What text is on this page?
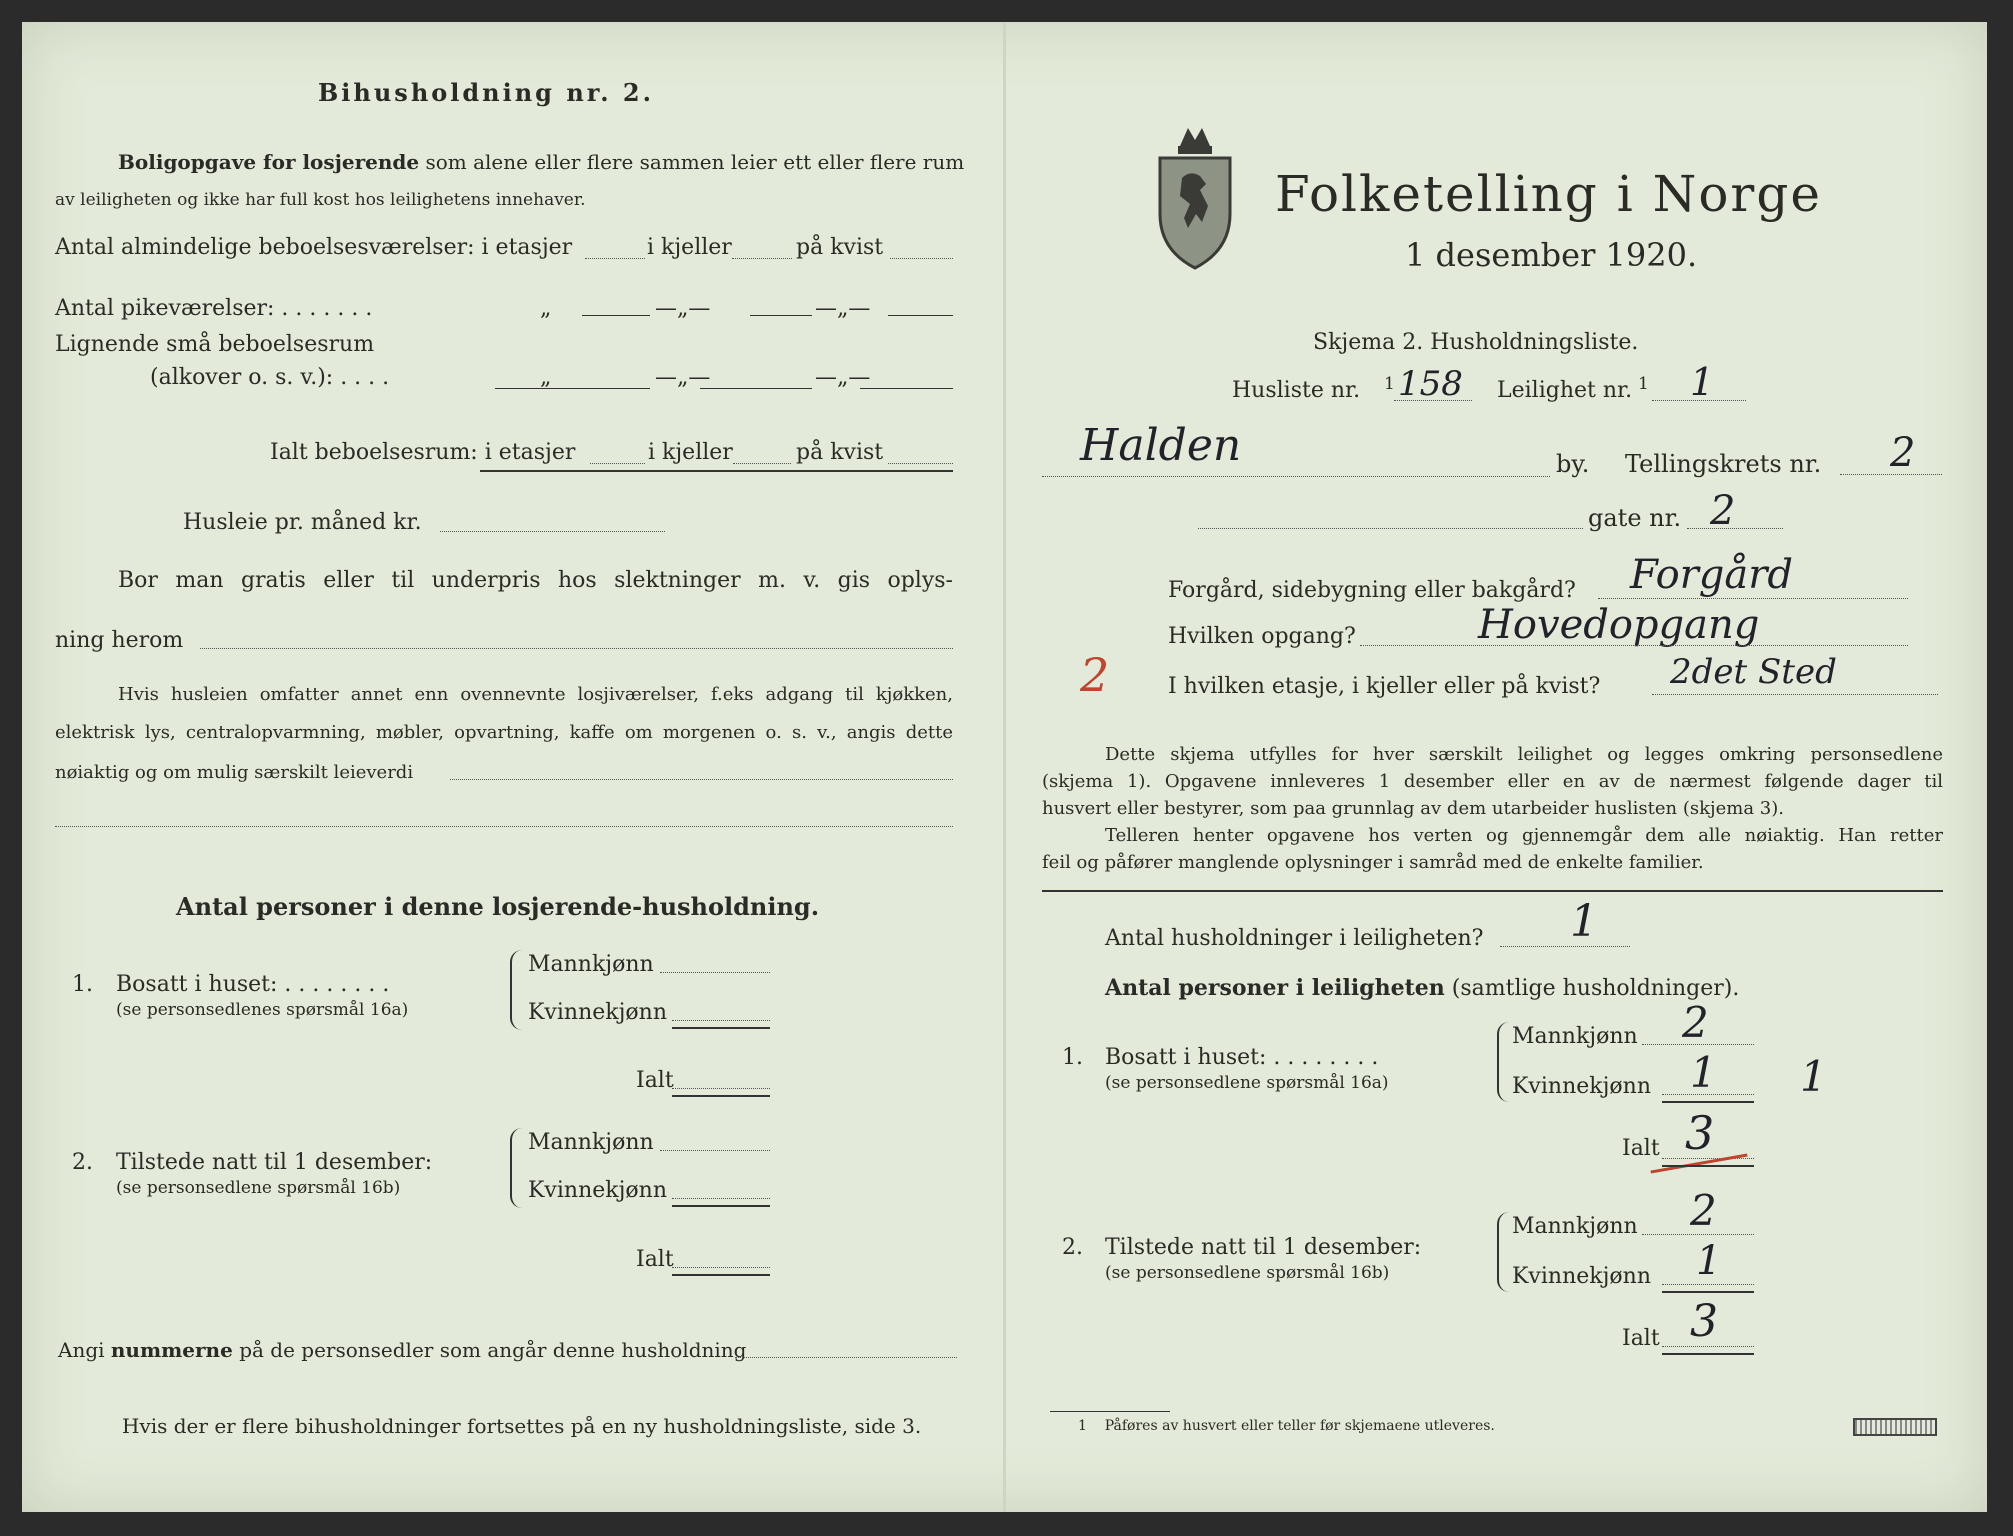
Bihusholdning nr. 2.
Boligopgave for losjerende som alene eller flere sammen leier ett eller flere rum
av leiligheten og ikke har full kost hos leilighetens innehaver.
Antal almindelige beboelsesværelser: i etasjer	i kjeller	på kvist
Antal pikeværelser: . . . . . . .	„	—„—	—„—
Lignende små beboelsesrum
(alkover o. s. v.): . . . .	„	—„—	—„—
Ialt beboelsesrum: i etasjer	i kjeller	på kvist
Husleie pr. måned kr.
Bor man gratis eller til underpris hos slektninger m. v. gis oplys-
ning herom
Hvis husleien omfatter annet enn ovennevnte losjiværelser, f.eks adgang til kjøkken,
elektrisk lys, centralopvarmning, møbler, opvartning, kaffe om morgenen o. s. v., angis dette
nøiaktig og om mulig særskilt leieverdi
Antal personer i denne losjerende-husholdning.
1. Bosatt i huset: . . . . . . . .
(se personsedlenes spørsmål 16a)
Mannkjønn
Kvinnekjønn
Ialt
2. Tilstede natt til 1 desember:
(se personsedlene spørsmål 16b)
Mannkjønn
Kvinnekjønn
Ialt
Angi nummerne på de personsedler som angår denne husholdning
Hvis der er flere bihusholdninger fortsettes på en ny husholdningsliste, side 3.
Folketelling i Norge
1 desember 1920.
Skjema 2. Husholdningsliste.
Husliste nr. 1 158 Leilighet nr. 1 1
Halden	by. Tellingskrets nr. 2
gate nr. 2
Forgård, sidebygning eller bakgård? Forgård
Hvilken opgang?	Hovedopgang
2	I hvilken etasje, i kjeller eller på kvist? 2det Sted
Dette skjema utfylles for hver særskilt leilighet og legges omkring personsedlene
(skjema 1). Opgavene innleveres 1 desember eller en av de nærmest følgende dager til
husvert eller bestyrer, som paa grunnlag av dem utarbeider huslisten (skjema 3).
Telleren henter opgavene hos verten og gjennemgår dem alle nøiaktig. Han retter
feil og påfører manglende oplysninger i samråd med de enkelte familier.
Antal husholdninger i leiligheten? 1
Antal personer i leiligheten (samtlige husholdninger).
1. Bosatt i huset: . . . . . . . .
(se personsedlene spørsmål 16a)
Mannkjønn 2
Kvinnekjønn 1 1
Ialt 3
2. Tilstede natt til 1 desember:
(se personsedlene spørsmål 16b)
Mannkjønn 2
Kvinnekjønn 1
Ialt 3
1 Påføres av husvert eller teller før skjemaene utleveres.
